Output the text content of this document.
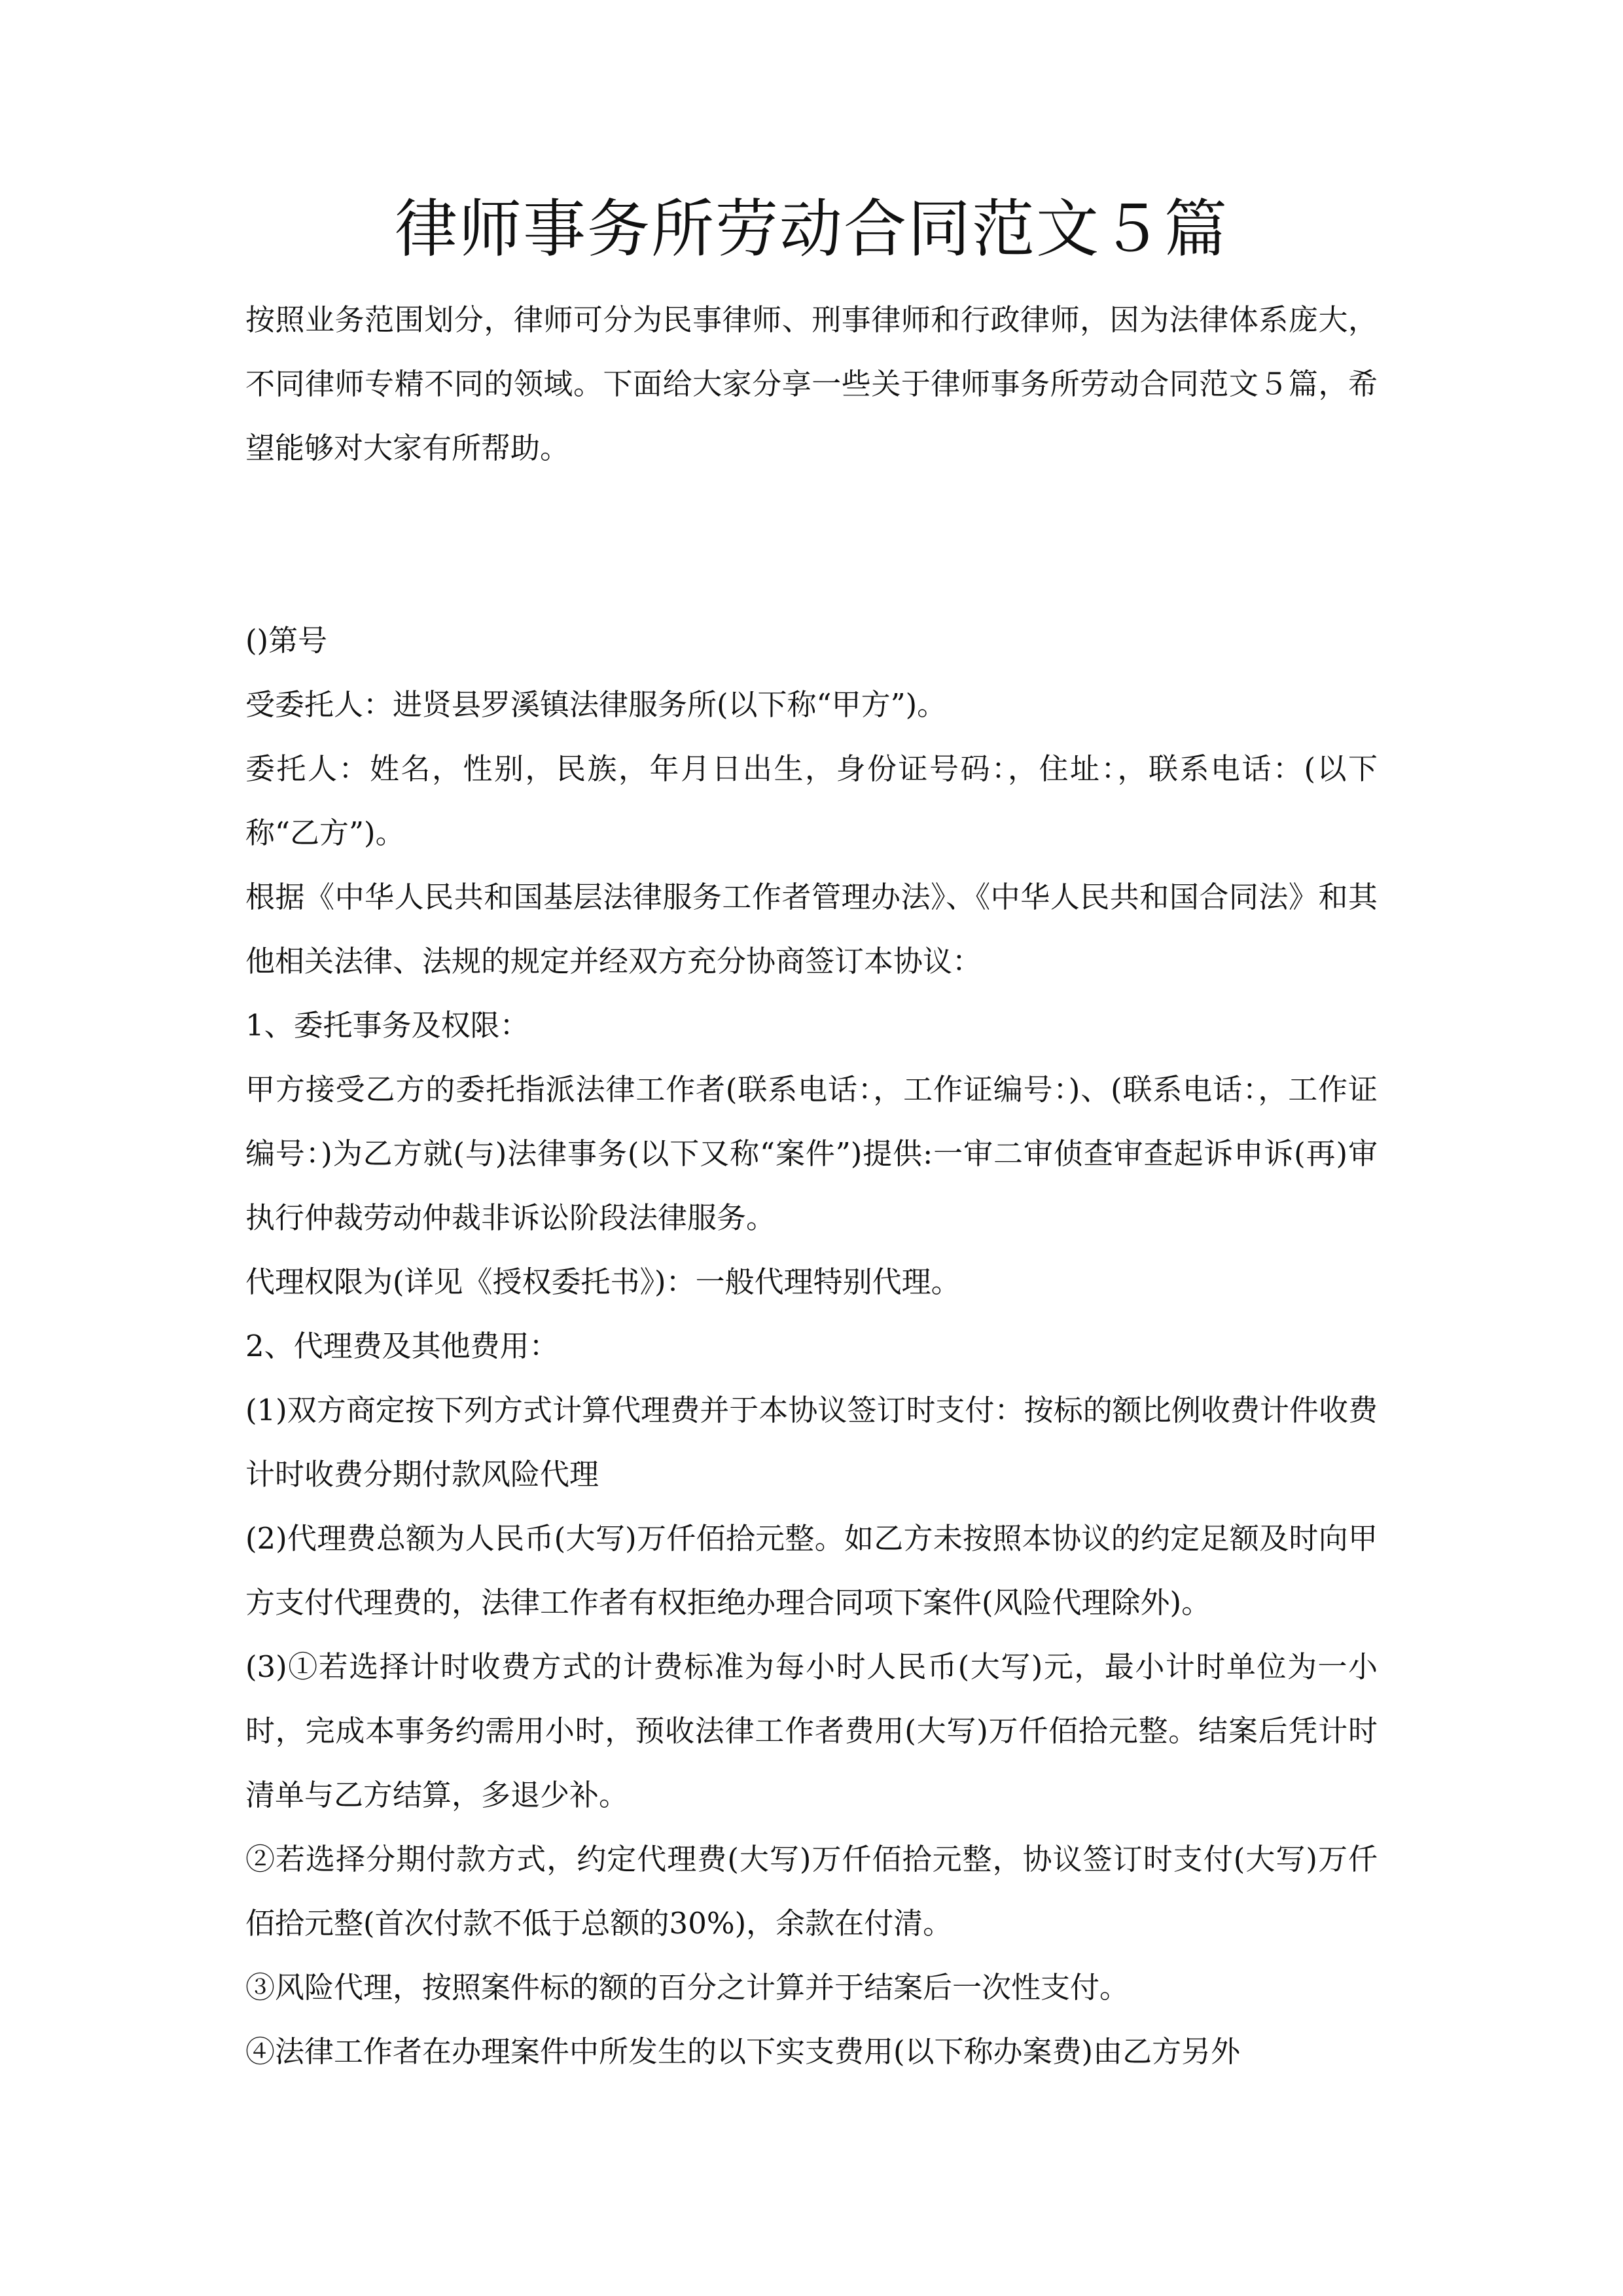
律师事务所劳动合同范文５篇

按照业务范围划分，律师可分为民事律师、刑事律师和行政律师，因为法律体系庞大，不同律师专精不同的领域。下面给大家分享一些关于律师事务所劳动合同范文５篇，希望能够对大家有所帮助。

()第号

受委托人：进贤县罗溪镇法律服务所(以下称“甲方”)。

委托人：姓名，性别，民族，年月日出生，身份证号码：，住址：，联系电话：(以下称“乙方”)。

根据《中华人民共和国基层法律服务工作者管理办法》、《中华人民共和国合同法》和其他相关法律、法规的规定并经双方充分协商签订本协议：

1、委托事务及权限：

甲方接受乙方的委托指派法律工作者(联系电话：，工作证编号：)、(联系电话：，工作证编号：)为乙方就(与)法律事务(以下又称“案件”)提供:一审二审侦查审查起诉申诉(再)审执行仲裁劳动仲裁非诉讼阶段法律服务。

代理权限为(详见《授权委托书》)：一般代理特别代理。

2、代理费及其他费用：

(1)双方商定按下列方式计算代理费并于本协议签订时支付：按标的额比例收费计件收费计时收费分期付款风险代理

(2)代理费总额为人民币(大写)万仟佰拾元整。如乙方未按照本协议的约定足额及时向甲方支付代理费的，法律工作者有权拒绝办理合同项下案件(风险代理除外)。

(3)①若选择计时收费方式的计费标准为每小时人民币(大写)元，最小计时单位为一小时，完成本事务约需用小时，预收法律工作者费用(大写)万仟佰拾元整。结案后凭计时清单与乙方结算，多退少补。

②若选择分期付款方式，约定代理费(大写)万仟佰拾元整，协议签订时支付(大写)万仟佰拾元整(首次付款不低于总额的30%)，余款在付清。

③风险代理，按照案件标的额的百分之计算并于结案后一次性支付。

④法律工作者在办理案件中所发生的以下实支费用(以下称办案费)由乙方另外
